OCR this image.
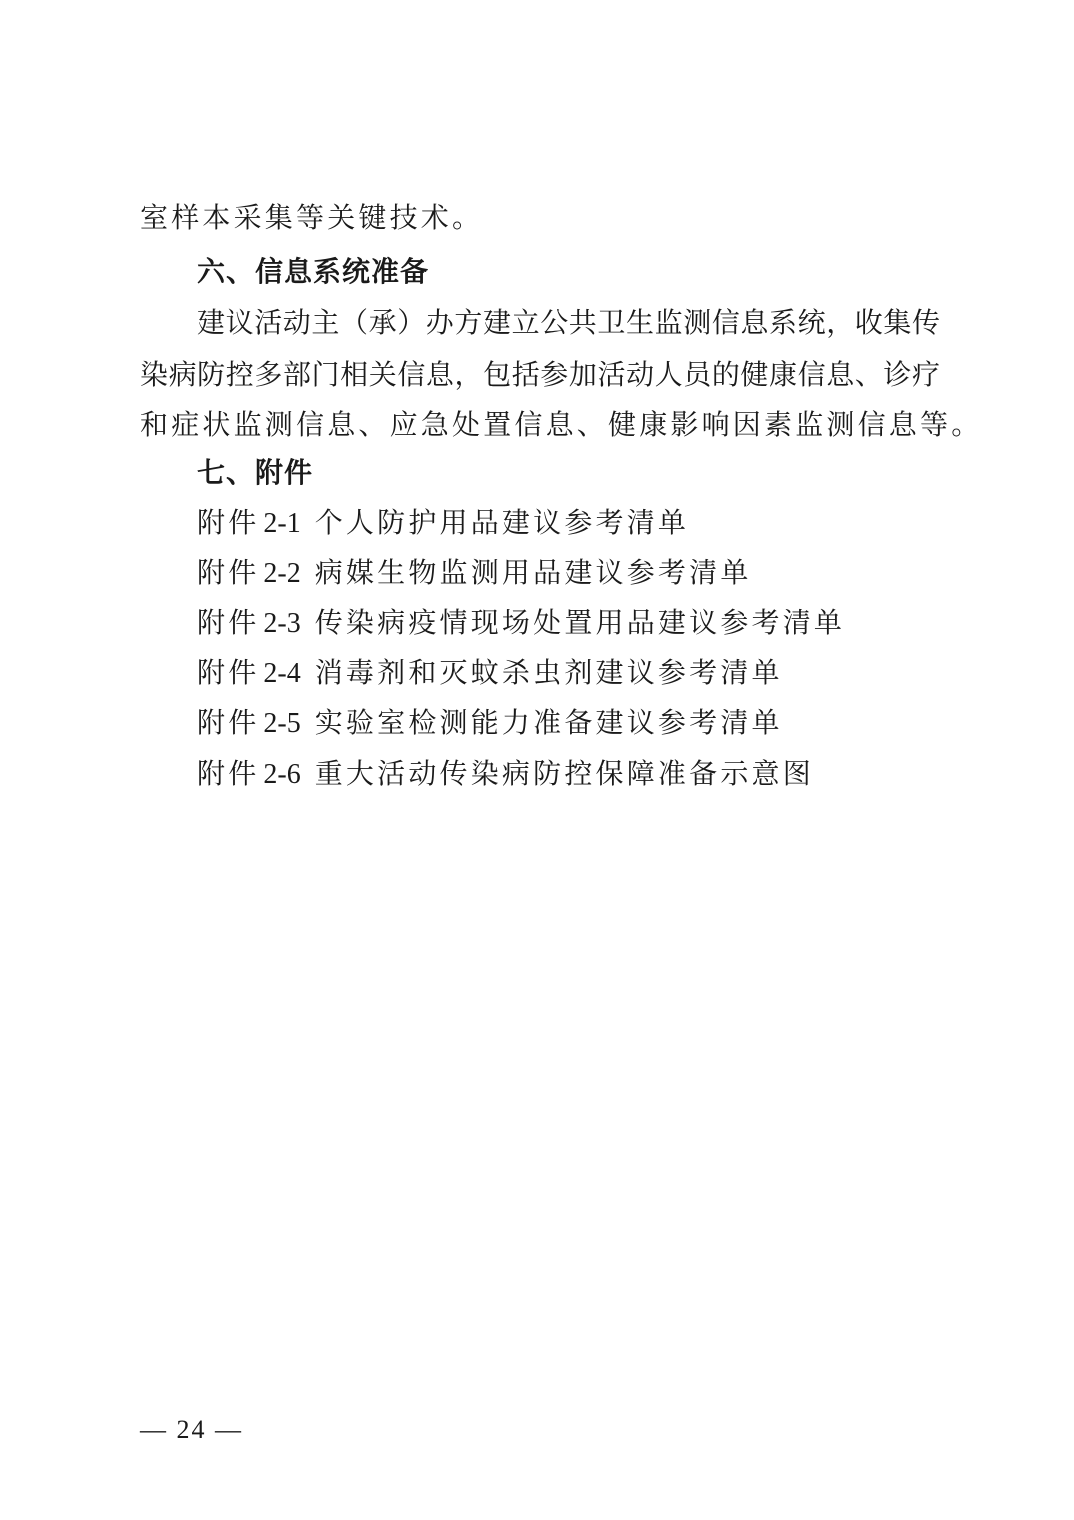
室样本采集等关键技术。
六、信息系统准备
建议活动主（承）办方建立公共卫生监测信息系统，收集传
染病防控多部门相关信息，包括参加活动人员的健康信息、诊疗
和症状监测信息、应急处置信息、健康影响因素监测信息等。
七、附件
附件 2-1 个人防护用品建议参考清单
附件 2-2 病媒生物监测用品建议参考清单
附件 2-3 传染病疫情现场处置用品建议参考清单
附件 2-4 消毒剂和灭蚊杀虫剂建议参考清单
附件 2-5 实验室检测能力准备建议参考清单
附件 2-6 重大活动传染病防控保障准备示意图
— 24 —
